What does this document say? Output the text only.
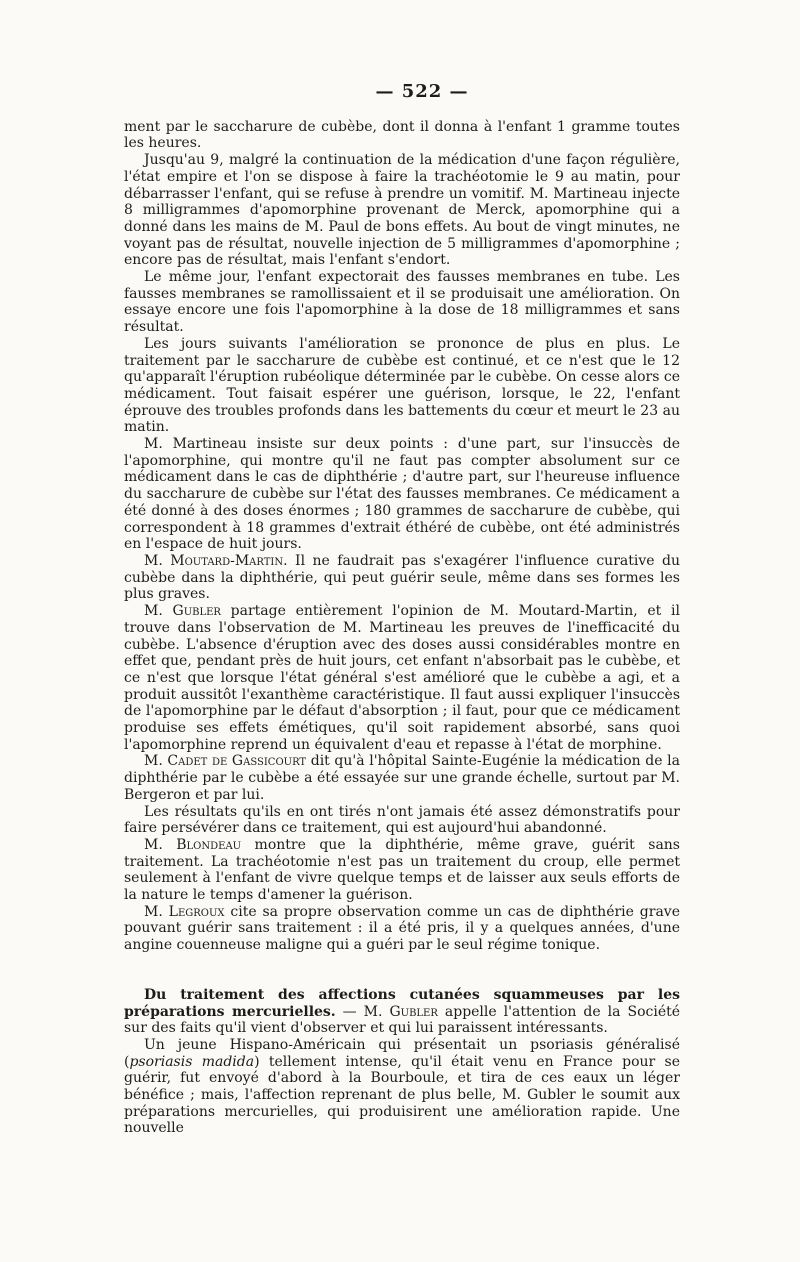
— 522 —

ment par le saccharure de cubèbe, dont il donna à l'enfant 1 gramme toutes les heures.

Jusqu'au 9, malgré la continuation de la médication d'une façon régulière, l'état empire et l'on se dispose à faire la trachéotomie le 9 au matin, pour débarrasser l'enfant, qui se refuse à prendre un vomitif. M. Martineau injecte 8 milligrammes d'apomorphine provenant de Merck, apomorphine qui a donné dans les mains de M. Paul de bons effets. Au bout de vingt minutes, ne voyant pas de résultat, nouvelle injection de 5 milligrammes d'apomorphine ; encore pas de résultat, mais l'enfant s'endort.

Le même jour, l'enfant expectorait des fausses membranes en tube. Les fausses membranes se ramollissaient et il se produisait une amélioration. On essaye encore une fois l'apomorphine à la dose de 18 milligrammes et sans résultat.

Les jours suivants l'amélioration se prononce de plus en plus. Le traitement par le saccharure de cubèbe est continué, et ce n'est que le 12 qu'apparaît l'éruption rubéolique déterminée par le cubèbe. On cesse alors ce médicament. Tout faisait espérer une guérison, lorsque, le 22, l'enfant éprouve des troubles profonds dans les battements du cœur et meurt le 23 au matin.

M. Martineau insiste sur deux points : d'une part, sur l'insuccès de l'apomorphine, qui montre qu'il ne faut pas compter absolument sur ce médicament dans le cas de diphthérie ; d'autre part, sur l'heureuse influence du saccharure de cubèbe sur l'état des fausses membranes. Ce médicament a été donné à des doses énormes ; 180 grammes de saccharure de cubèbe, qui correspondent à 18 grammes d'extrait éthéré de cubèbe, ont été administrés en l'espace de huit jours.

M. Moutard-Martin. Il ne faudrait pas s'exagérer l'influence curative du cubèbe dans la diphthérie, qui peut guérir seule, même dans ses formes les plus graves.

M. Gubler partage entièrement l'opinion de M. Moutard-Martin, et il trouve dans l'observation de M. Martineau les preuves de l'inefficacité du cubèbe. L'absence d'éruption avec des doses aussi considérables montre en effet que, pendant près de huit jours, cet enfant n'absorbait pas le cubèbe, et ce n'est que lorsque l'état général s'est amélioré que le cubèbe a agi, et a produit aussitôt l'exanthème caractéristique. Il faut aussi expliquer l'insuccès de l'apomorphine par le défaut d'absorption ; il faut, pour que ce médicament produise ses effets émétiques, qu'il soit rapidement absorbé, sans quoi l'apomorphine reprend un équivalent d'eau et repasse à l'état de morphine.

M. Cadet de Gassicourt dit qu'à l'hôpital Sainte-Eugénie la médication de la diphthérie par le cubèbe a été essayée sur une grande échelle, surtout par M. Bergeron et par lui.

Les résultats qu'ils en ont tirés n'ont jamais été assez démonstratifs pour faire persévérer dans ce traitement, qui est aujourd'hui abandonné.

M. Blondeau montre que la diphthérie, même grave, guérit sans traitement. La trachéotomie n'est pas un traitement du croup, elle permet seulement à l'enfant de vivre quelque temps et de laisser aux seuls efforts de la nature le temps d'amener la guérison.

M. Legroux cite sa propre observation comme un cas de diphthérie grave pouvant guérir sans traitement : il a été pris, il y a quelques années, d'une angine couenneuse maligne qui a guéri par le seul régime tonique.

Du traitement des affections cutanées squammeuses par les préparations mercurielles. — M. Gubler appelle l'attention de la Société sur des faits qu'il vient d'observer et qui lui paraissent intéressants.

Un jeune Hispano-Américain qui présentait un psoriasis généralisé (psoriasis madida) tellement intense, qu'il était venu en France pour se guérir, fut envoyé d'abord à la Bourboule, et tira de ces eaux un léger bénéfice ; mais, l'affection reprenant de plus belle, M. Gubler le soumit aux préparations mercurielles, qui produisirent une amélioration rapide. Une nouvelle
